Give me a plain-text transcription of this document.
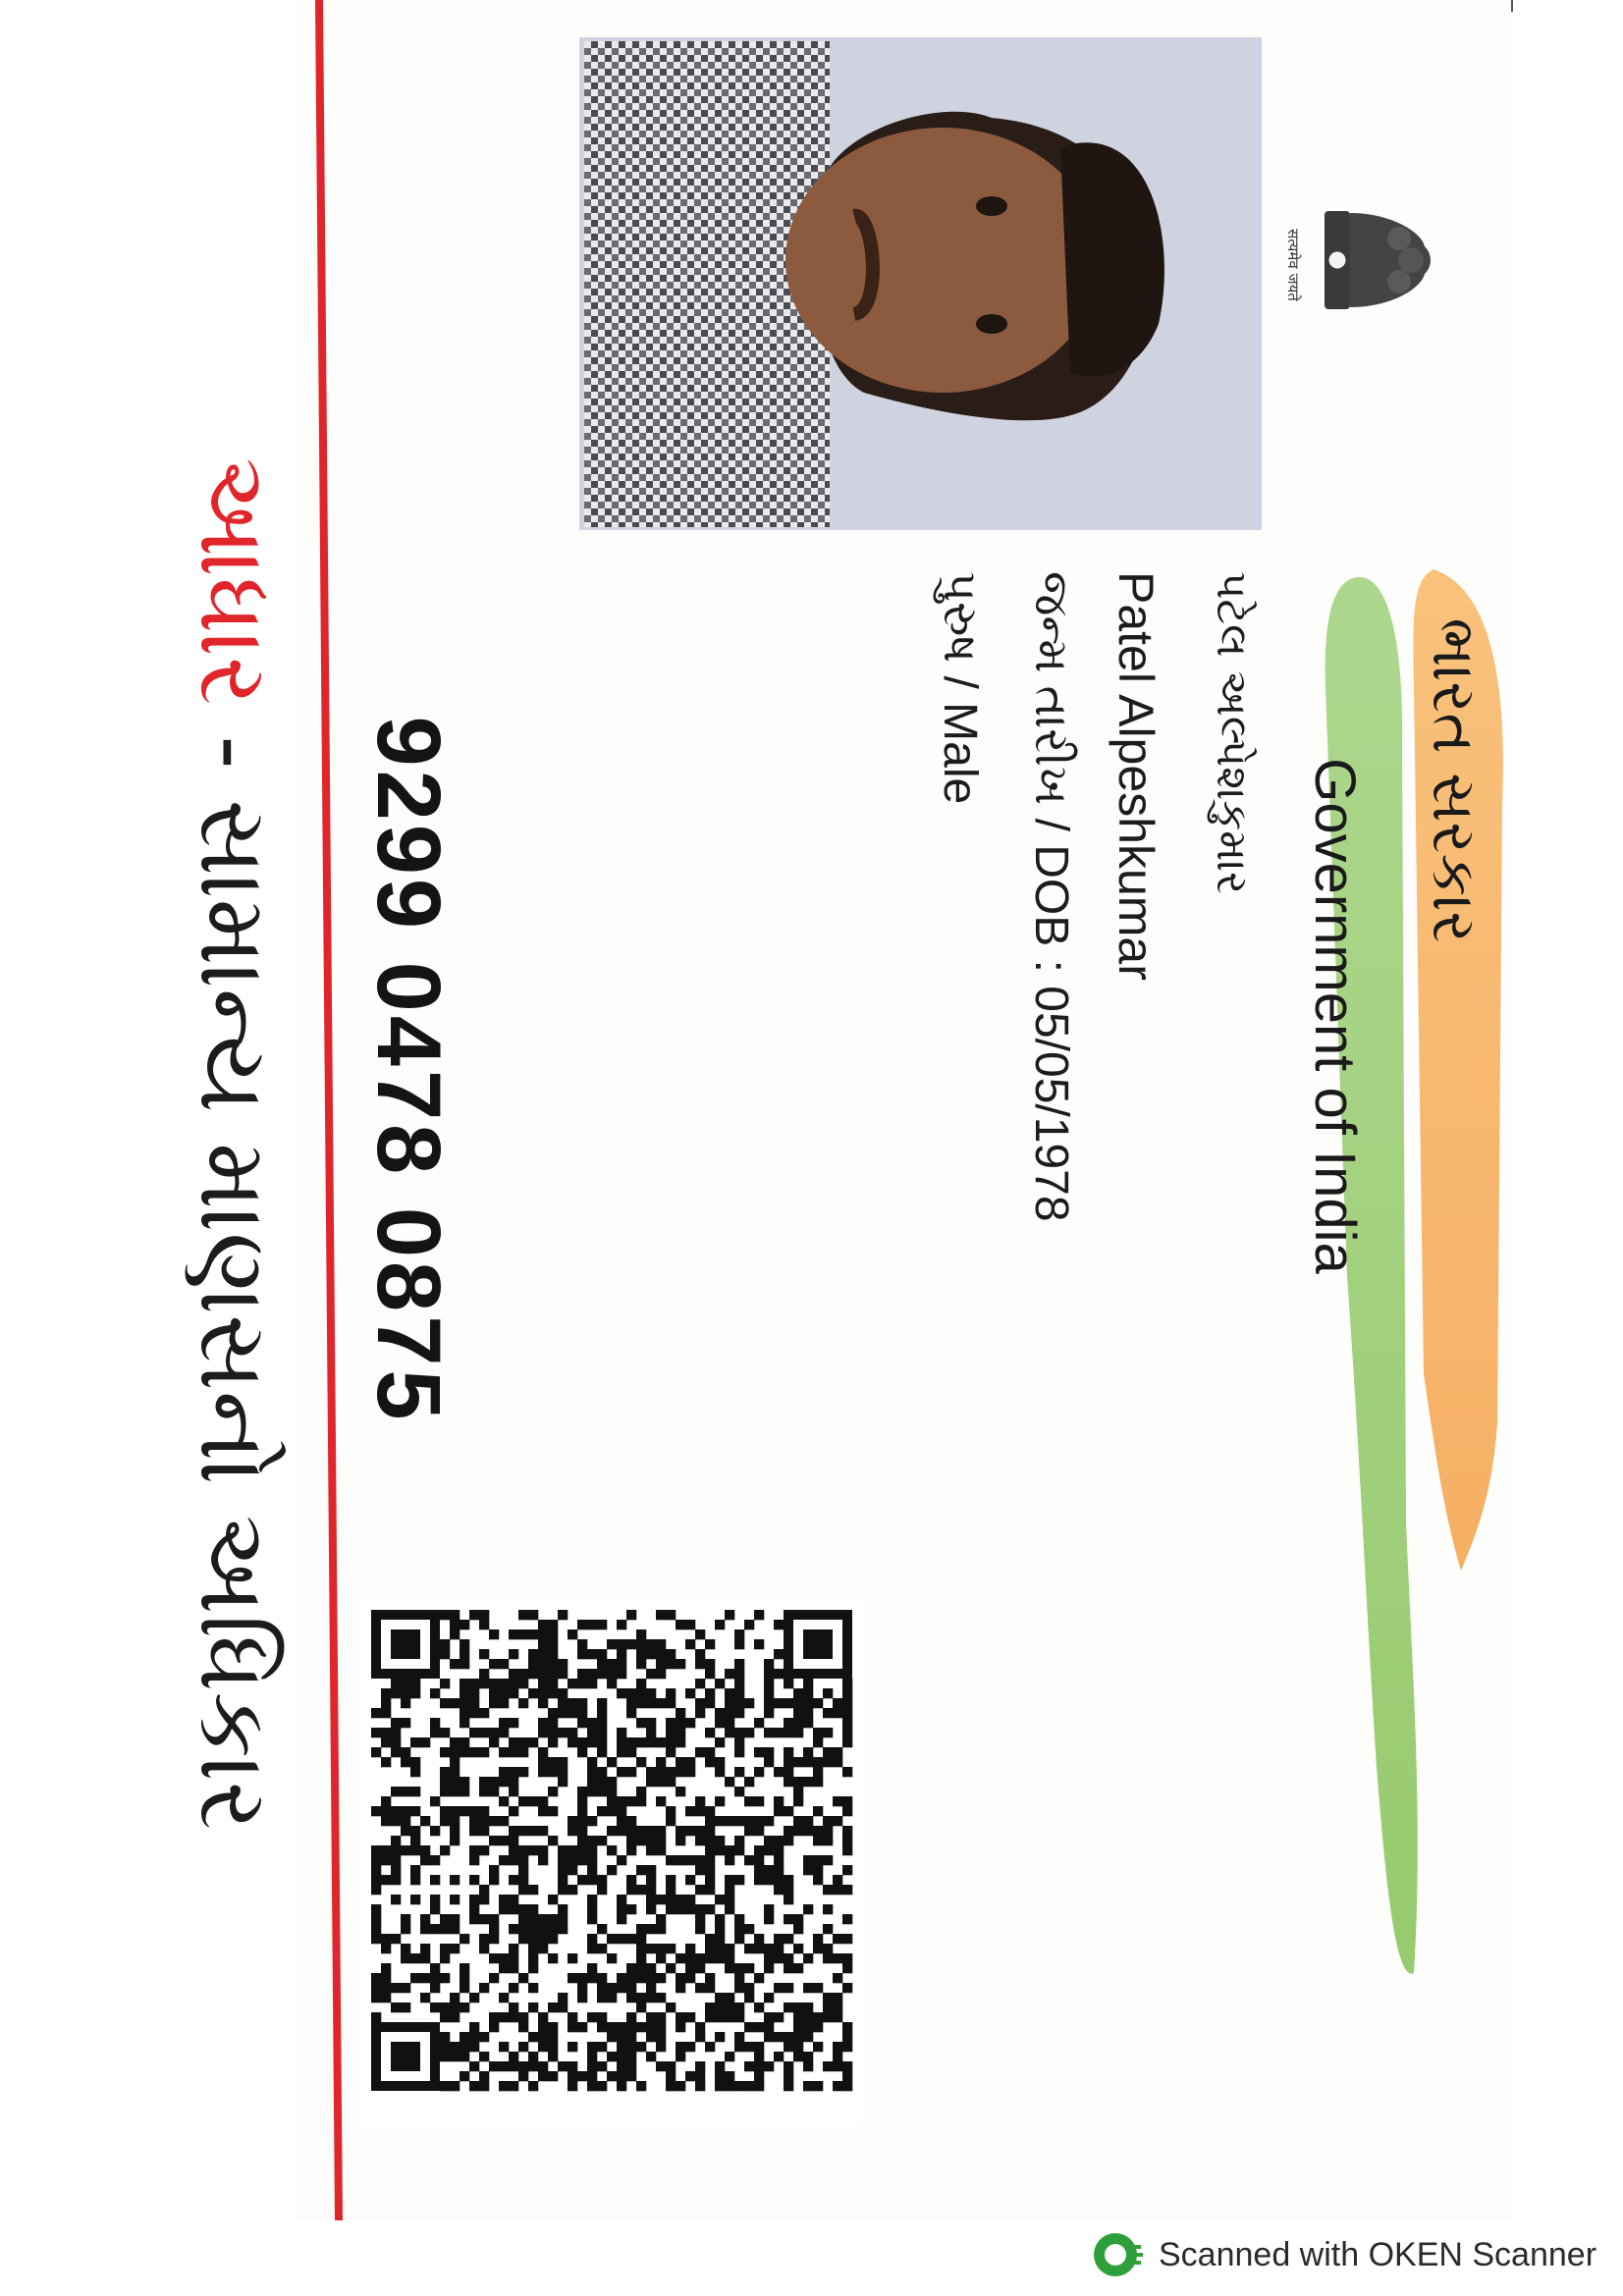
सत्यमेव जयते
ભારત સરકાર
Government of India
પટેલ અલ્પેશકુમાર
Patel Alpeshkumar
જન્મ તારીખ / DOB : 05/05/1978
પુરુષ / Male
9299 0478 0875
આધાર - સામાન્ય માણસનો અધિકાર
Scanned with OKEN Scanner
